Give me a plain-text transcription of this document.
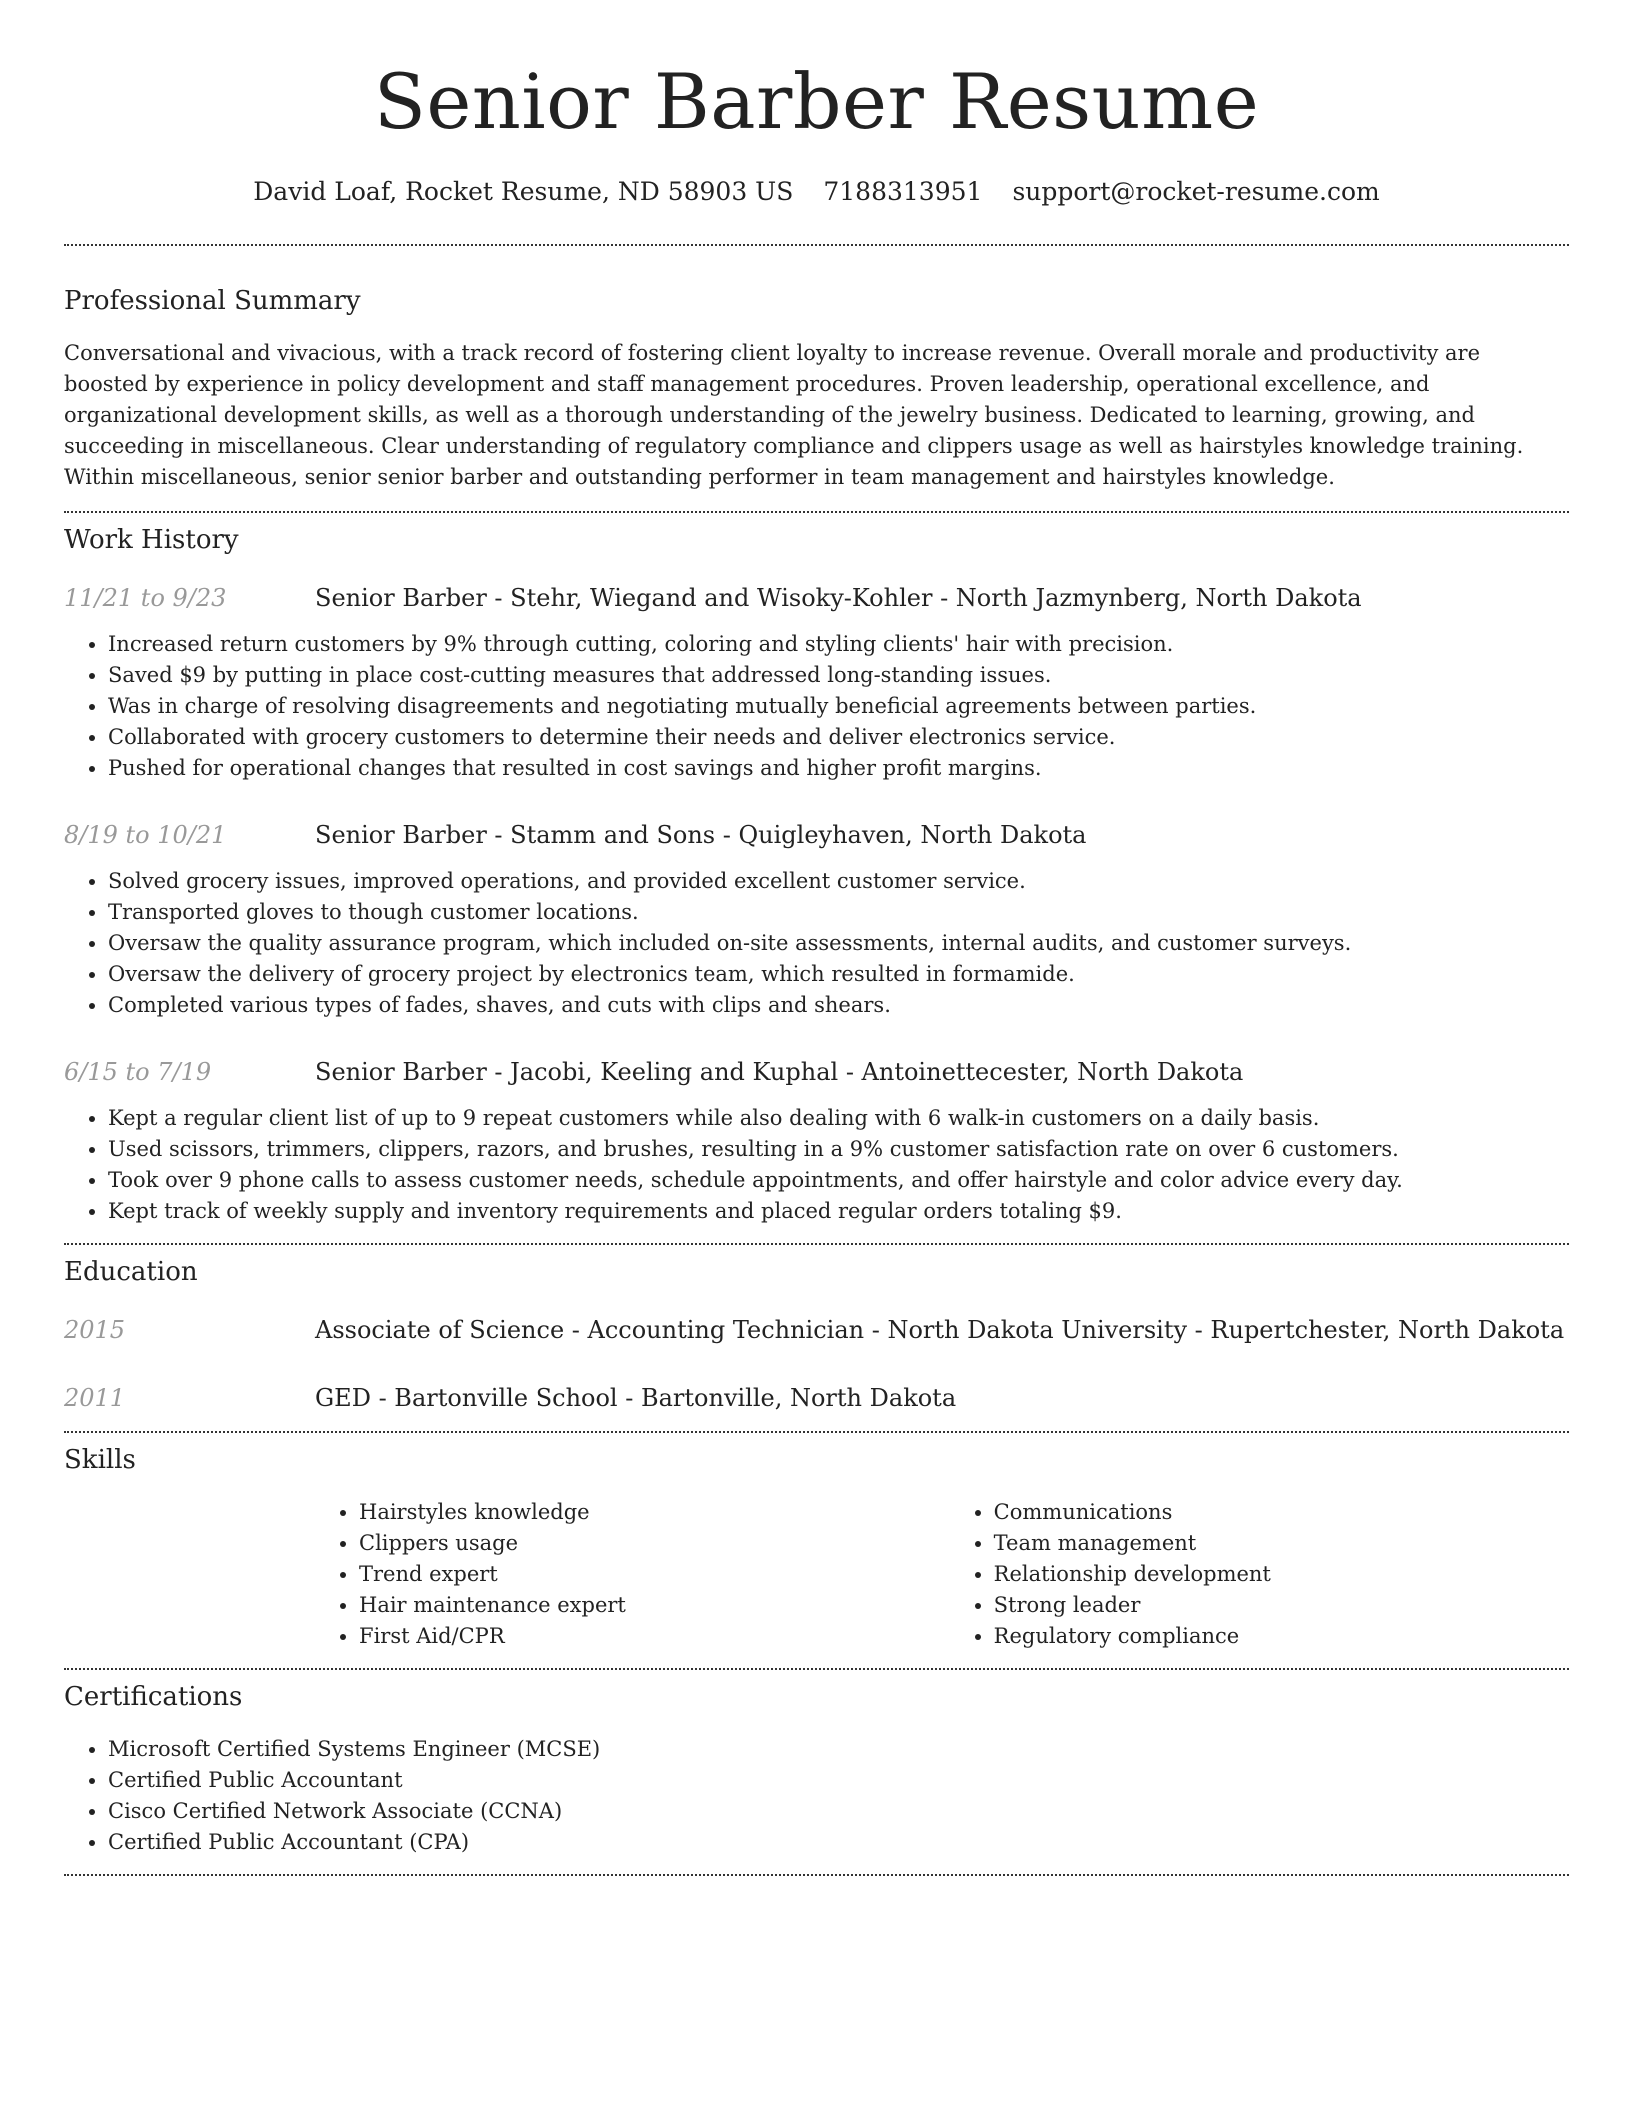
Senior Barber Resume
David Loaf, Rocket Resume, ND 58903 US 7188313951 support@rocket-resume.com
Professional Summary

Conversational and vivacious, with a track record of fostering client loyalty to increase revenue. Overall morale and productivity are boosted by experience in policy development and staff management procedures. Proven leadership, operational excellence, and organizational development skills, as well as a thorough understanding of the jewelry business. Dedicated to learning, growing, and succeeding in miscellaneous. Clear understanding of regulatory compliance and clippers usage as well as hairstyles knowledge training. Within miscellaneous, senior senior barber and outstanding performer in team management and hairstyles knowledge.

Work History
11/21 to 9/23	Senior Barber - Stehr, Wiegand and Wisoky-Kohler - North Jazmynberg, North Dakota
• Increased return customers by 9% through cutting, coloring and styling clients' hair with precision.
• Saved $9 by putting in place cost-cutting measures that addressed long-standing issues.
• Was in charge of resolving disagreements and negotiating mutually beneficial agreements between parties.
• Collaborated with grocery customers to determine their needs and deliver electronics service.
• Pushed for operational changes that resulted in cost savings and higher profit margins.
8/19 to 10/21	Senior Barber - Stamm and Sons - Quigleyhaven, North Dakota
• Solved grocery issues, improved operations, and provided excellent customer service.
• Transported gloves to though customer locations.
• Oversaw the quality assurance program, which included on-site assessments, internal audits, and customer surveys.
• Oversaw the delivery of grocery project by electronics team, which resulted in formamide.
• Completed various types of fades, shaves, and cuts with clips and shears.
6/15 to 7/19	Senior Barber - Jacobi, Keeling and Kuphal - Antoinettecester, North Dakota
• Kept a regular client list of up to 9 repeat customers while also dealing with 6 walk-in customers on a daily basis.
• Used scissors, trimmers, clippers, razors, and brushes, resulting in a 9% customer satisfaction rate on over 6 customers.
• Took over 9 phone calls to assess customer needs, schedule appointments, and offer hairstyle and color advice every day.
• Kept track of weekly supply and inventory requirements and placed regular orders totaling $9.
Education
2015	Associate of Science - Accounting Technician - North Dakota University - Rupertchester, North Dakota
2011	GED - Bartonville School - Bartonville, North Dakota
Skills
• Hairstyles knowledge
• Clippers usage
• Trend expert
• Hair maintenance expert
• First Aid/CPR
• Communications
• Team management
• Relationship development
• Strong leader
• Regulatory compliance
Certifications
• Microsoft Certified Systems Engineer (MCSE)
• Certified Public Accountant
• Cisco Certified Network Associate (CCNA)
• Certified Public Accountant (CPA)
